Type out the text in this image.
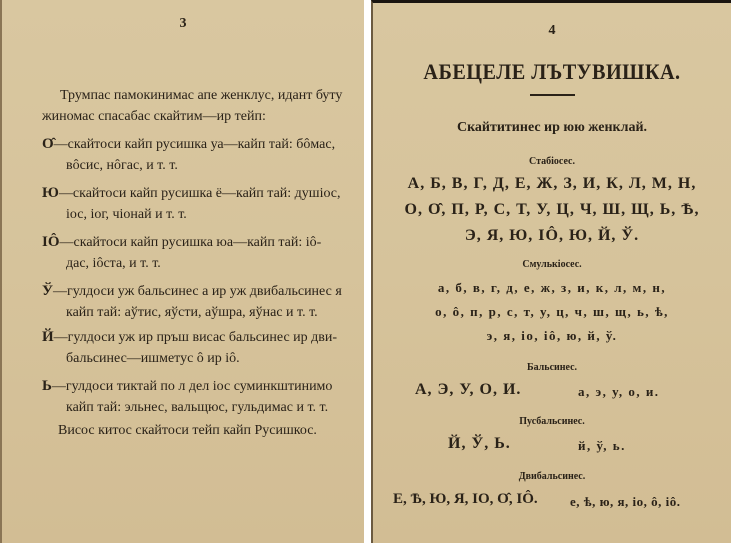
3
Трумпас памокинимас апе женклус, идант буту
жиномас спасабас скайтим—ир тейп:
О̂—скайтоси кайп русишка уа—кайп тай: бôмас,
вôсис, нôгас, и т. т.
Ю—скайтоси кайп русишка ё—кайп тай: душіос,
іос, іог, чіонай и т. т.
ІÔ—скайтоси кайп русишка юа—кайп тай: іô-
дас, іôста, и т. т.
Ў—гулдоси уж бальсинес а ир уж двибальсинес я
кайп тай: аўтис, яўсти, аўшра, яўнас и т. т.
Й—гулдоси уж ир пръш висас бальсинес ир дви-
бальсинес—ишметус ô ир іô.
Ь—гулдоси тиктай по л дел іос суминкштинимо
кайп тай: эльнес, вальщюс, гульдимас и т. т.
Висос китос скайтоси тейп кайп Русишкос.
4
АБЕЦЕЛЕ ЛЪТУВИШКА.
Скайтитинес ир юю женклай.
Стабiосес.
А, Б, В, Г, Д, Е, Ж, З, И, К, Л, М, Н,
О, О̂, П, Р, С, Т, У, Ц, Ч, Ш, Щ, Ь, Ѣ,
Э, Я, Ю, ІÔ, Ю, Й, Ў.
Смулькiосес.
а, б, в, г, д, е, ж, з, и, к, л, м, н,
о, ô, п, р, с, т, у, ц, ч, ш, щ, ь, ѣ,
э, я, іо, іô, ю, й, ў.
Бальсинес.
А, Э, У, О, И.	а, э, у, о, и.
Пусбальсинес.
Й, Ў, Ь.	й, ў, ь.
Двибальсинес.
Е, Ѣ, Ю, Я, ІО, О̂, ІÔ. е, ѣ, ю, я, іо, ô, іô.
